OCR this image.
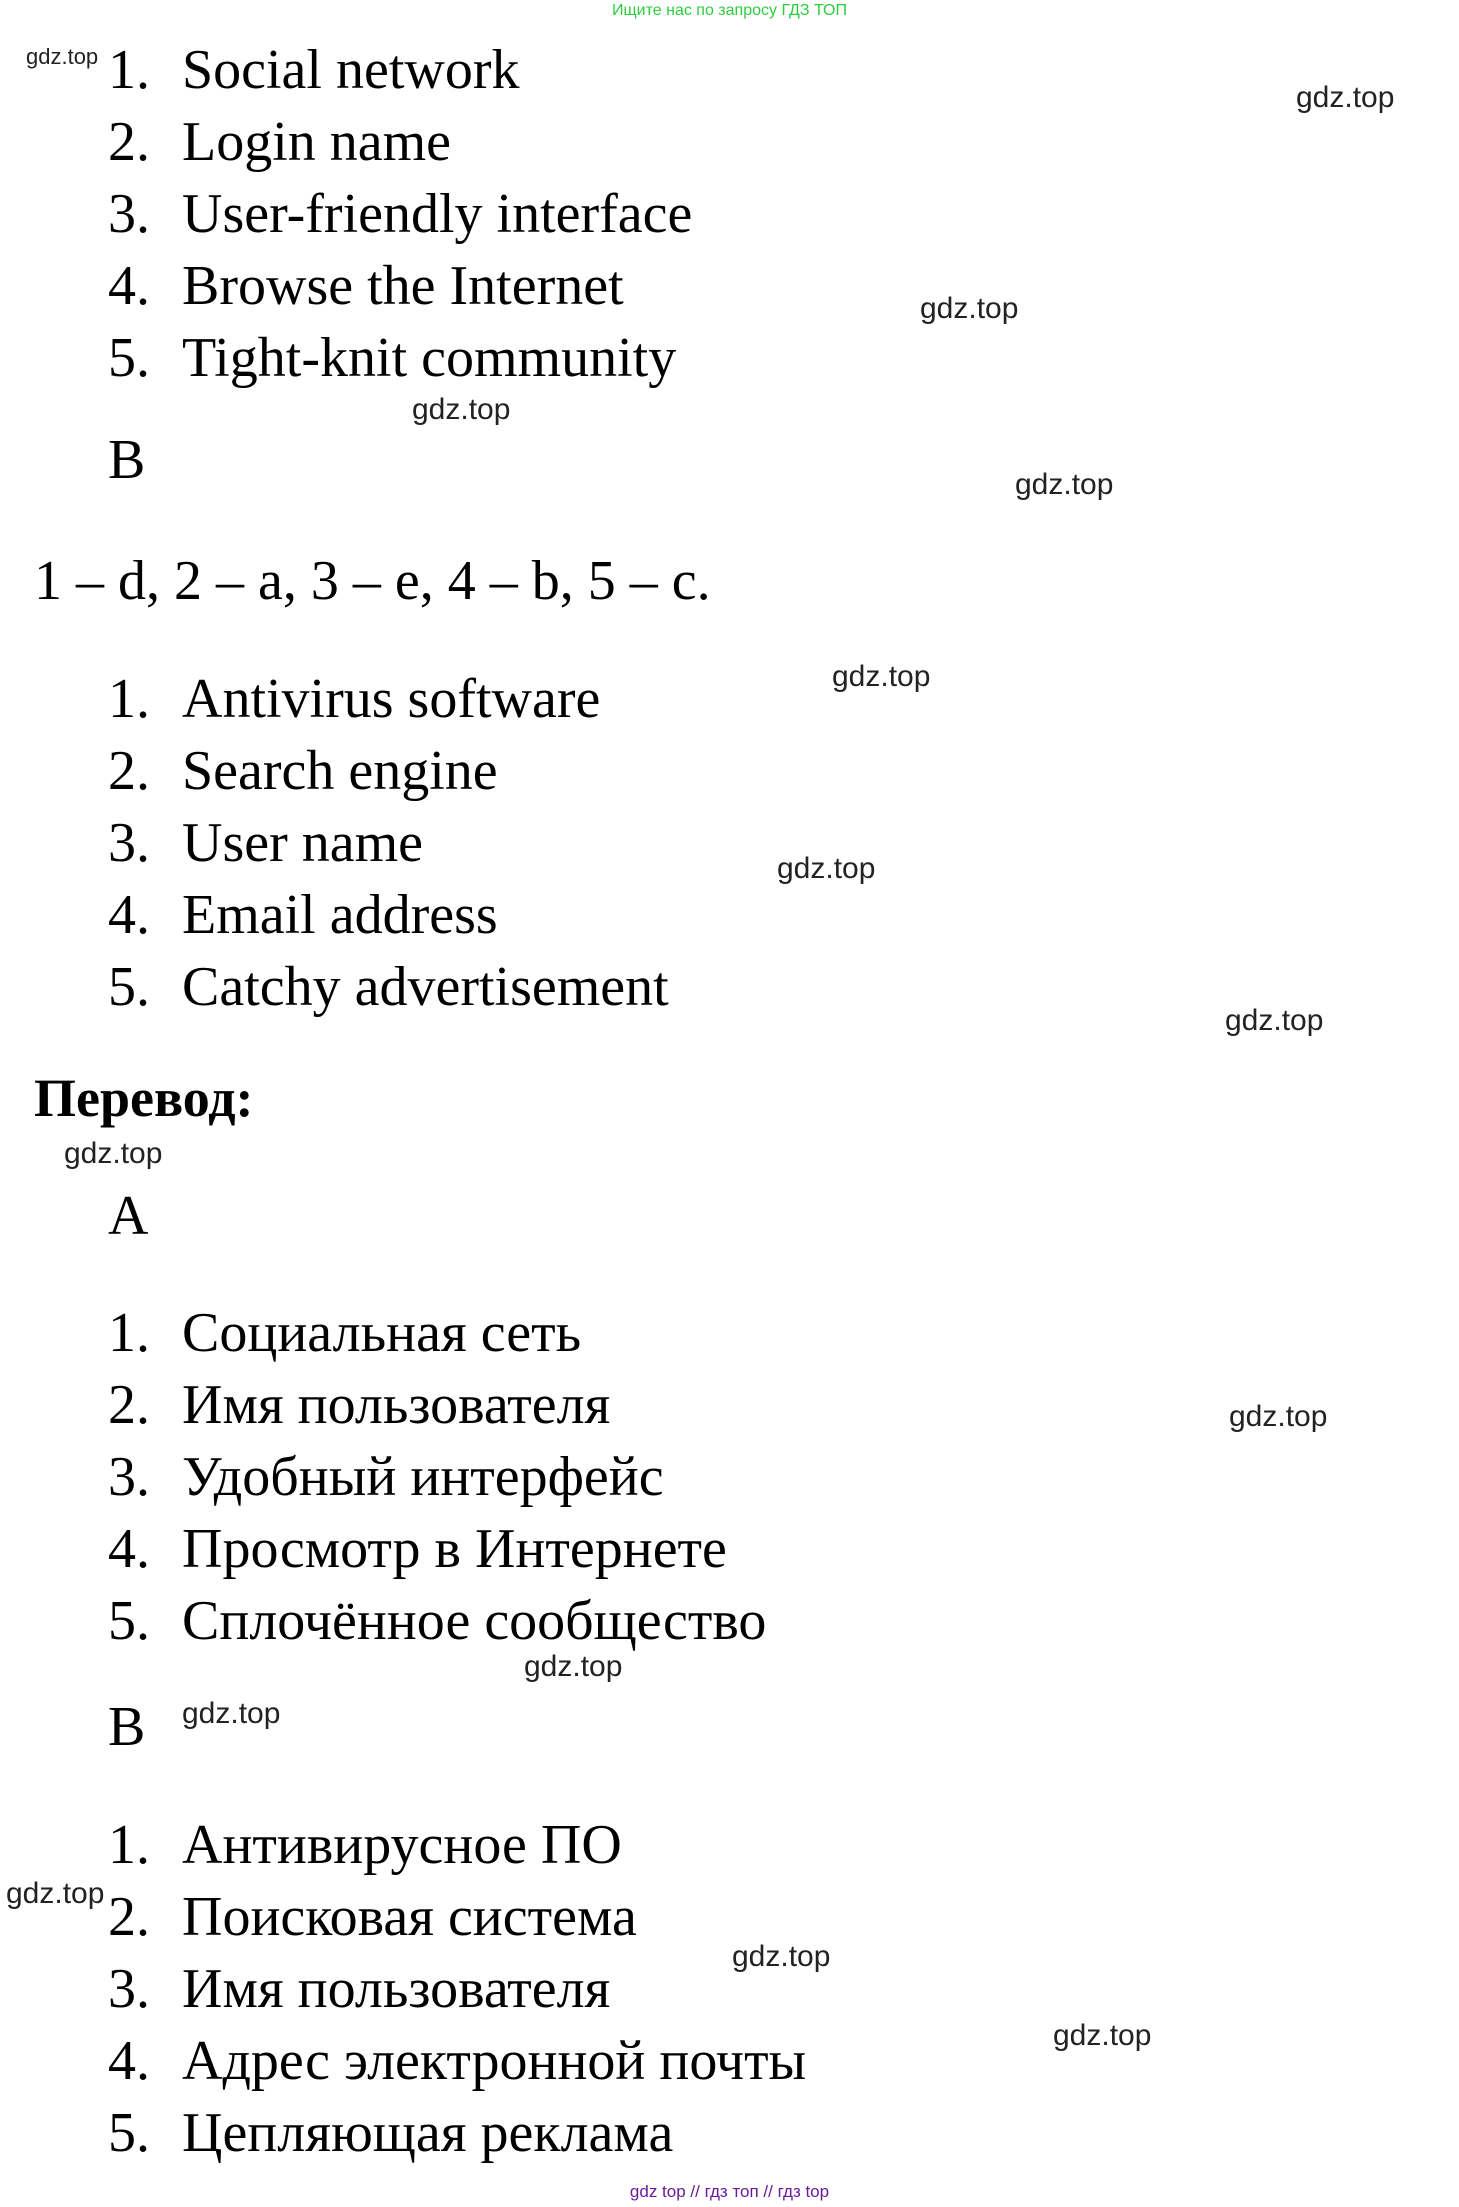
Ищите нас по запросу ГДЗ ТОП
1. Social network
2. Login name
3. User-friendly interface
4. Browse the Internet
5. Tight-knit community
B
1 – d, 2 – a, 3 – e, 4 – b, 5 – c.
1. Antivirus software
2. Search engine
3. User name
4. Email address
5. Catchy advertisement
Перевод:
A
1. Социальная сеть
2. Имя пользователя
3. Удобный интерфейс
4. Просмотр в Интернете
5. Сплочённое сообщество
B
1. Антивирусное ПО
2. Поисковая система
3. Имя пользователя
4. Адрес электронной почты
5. Цепляющая реклама
gdz.top
gdz.top
gdz.top
gdz.top
gdz.top
gdz.top
gdz.top
gdz.top
gdz.top
gdz.top
gdz.top
gdz.top
gdz.top
gdz.top
gdz.top
gdz top // гдз топ // гдз top
